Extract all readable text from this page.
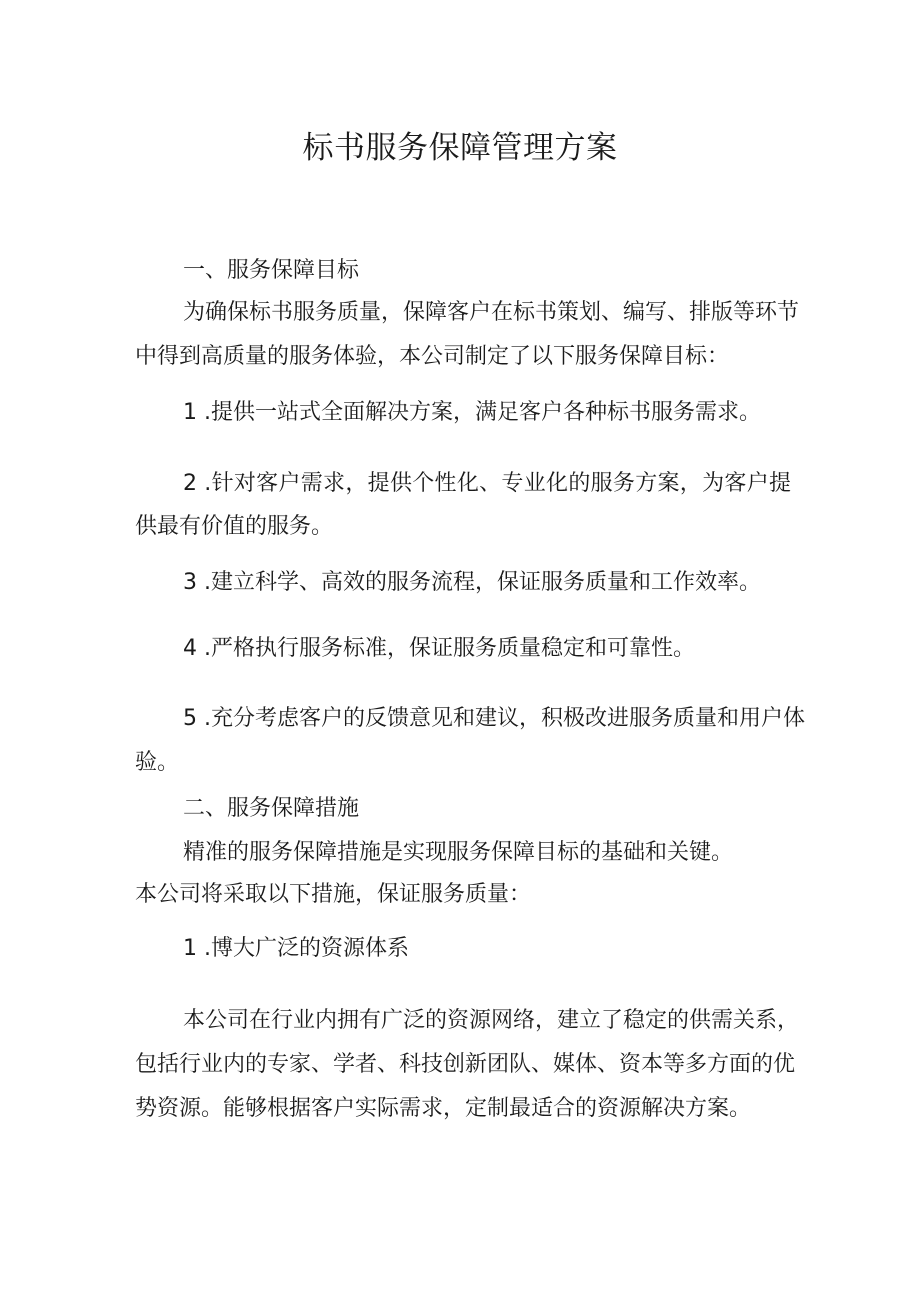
标书服务保障管理方案
一、服务保障目标
为确保标书服务质量，保障客户在标书策划、编写、排版等环节
中得到高质量的服务体验，本公司制定了以下服务保障目标：
1 .提供一站式全面解决方案，满足客户各种标书服务需求。
2 .针对客户需求，提供个性化、专业化的服务方案，为客户提
供最有价值的服务。
3 .建立科学、高效的服务流程，保证服务质量和工作效率。
4 .严格执行服务标准，保证服务质量稳定和可靠性。
5 .充分考虑客户的反馈意见和建议，积极改进服务质量和用户体
验。
二、服务保障措施
精准的服务保障措施是实现服务保障目标的基础和关键。
本公司将采取以下措施，保证服务质量：
1 .博大广泛的资源体系
本公司在行业内拥有广泛的资源网络，建立了稳定的供需关系，
包括行业内的专家、学者、科技创新团队、媒体、资本等多方面的优
势资源。能够根据客户实际需求，定制最适合的资源解决方案。
